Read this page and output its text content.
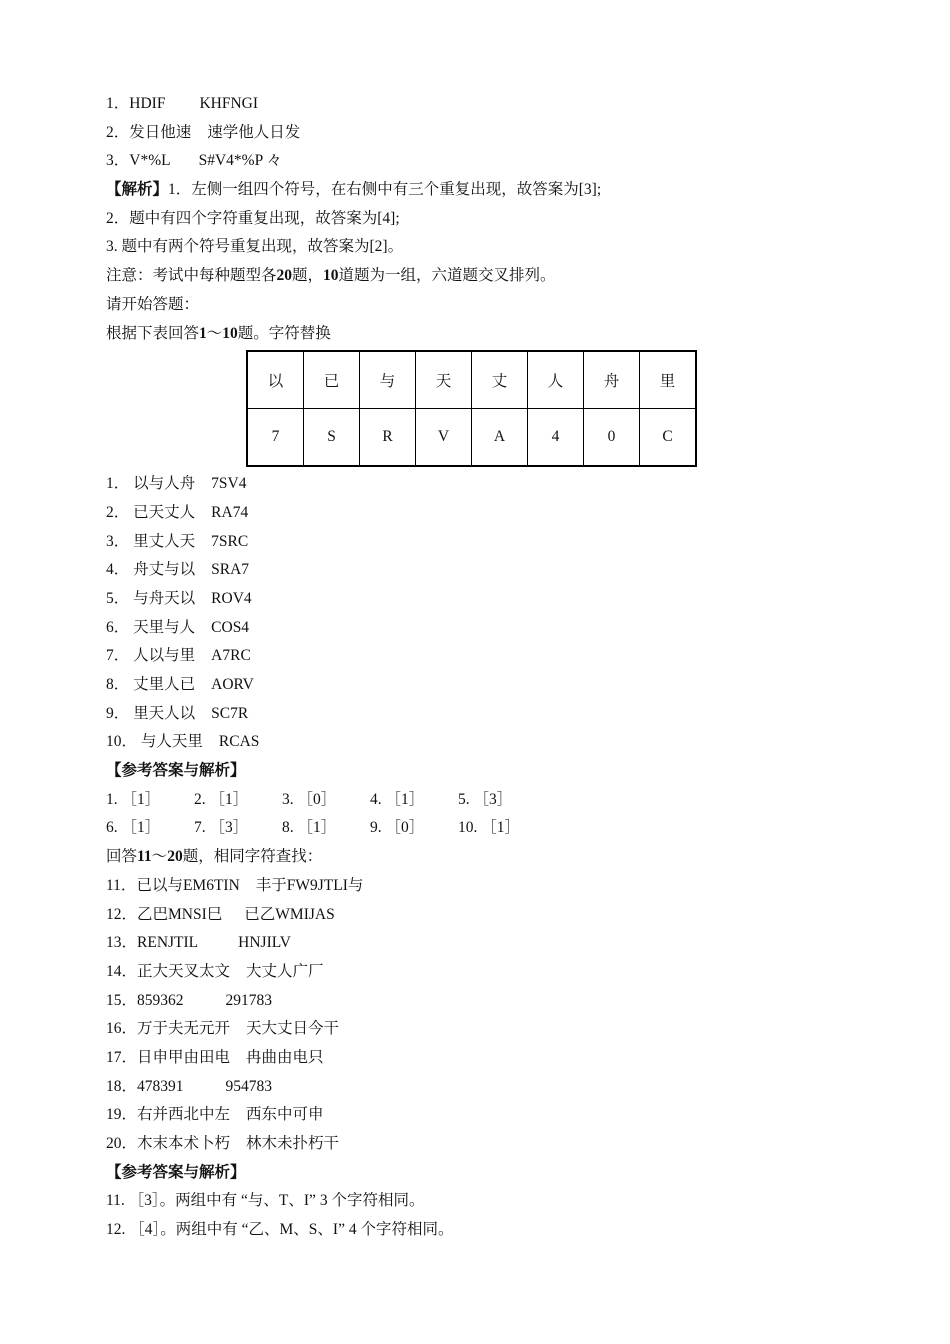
1．HDIF KHFNGI
2．发日他速 速学他人日发
3．V*%L S#V4*%P 々
【解析】1．左侧一组四个符号，在右侧中有三个重复出现，故答案为[3];
2．题中有四个字符重复出现，故答案为[4];
3. 题中有两个符号重复出现，故答案为[2]。
注意：考试中每种题型各20题，10道题为一组，六道题交叉排列。
请开始答题：
根据下表回答1～10题。字符替换
以	已	与	天	丈	人	舟	里
7	S	R	V	A	4	0	C
1． 以与人舟 7SV4
2． 已天丈人 RA74
3． 里丈人天 7SRC
4． 舟丈与以 SRA7
5． 与舟天以 ROV4
6． 天里与人 COS4
7． 人以与里 A7RC
8． 丈里人已 AORV
9． 里天人以 SC7R
10． 与人天里 RCAS
【参考答案与解析】
1. ［1］ 2. ［1］ 3. ［0］ 4. ［1］ 5. ［3］
6. ［1］ 7. ［3］ 8. ［1］ 9. ［0］ 10. ［1］
回答11～20题，相同字符查找：
11．已以与EM6TIN 丰于FW9JTLI与
12．乙巴MNSI巳 已乙WMIJAS
13．RENJTIL	HNJILV
14．正大天叉太文 大丈人广厂
15．859362	291783
16．万于夫无元开 天大丈日今干
17．日申甲由田电 冉曲由电只
18．478391	954783
19．右并西北中左 西东中可申
20．木末本术卜朽 林木未扑朽干
【参考答案与解析】
11. ［3］。两组中有 “与、T、I” 3 个字符相同。
12. ［4］。两组中有 “乙、M、S、I” 4 个字符相同。
